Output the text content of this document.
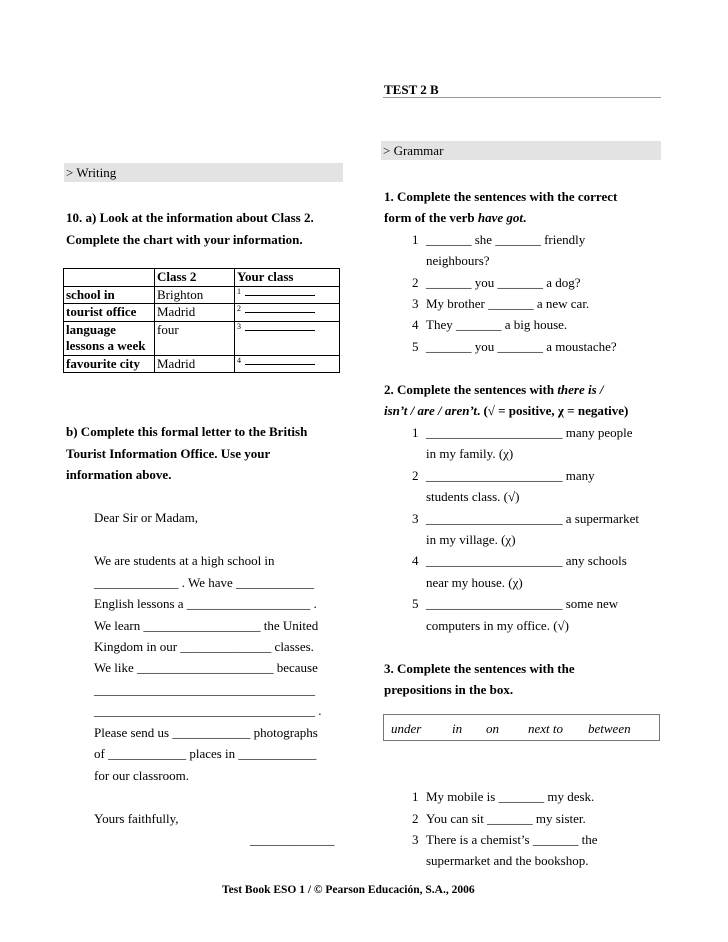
TEST 2 B
> Writing
10. a) Look at the information about Class 2.
Complete the chart with your information.
	Class 2	Your class
school in	Brighton	1

tourist office	Madrid	2

language lessons a week	four	3

favourite city	Madrid	4
b) Complete this formal letter to the British
Tourist Information Office. Use your
information above.
Dear Sir or Madam,
We are students at a high school in
_____________ . We have ____________
English lessons a ___________________ .
We learn __________________ the United
Kingdom in our ______________ classes.
We like _____________________ because
__________________________________
__________________________________ .
Please send us ____________ photographs
of ____________ places in ____________
for our classroom.
Yours faithfully,
_____________
> Grammar
1. Complete the sentences with the correct
form of the verb have got.
1 _______ she _______ friendly
neighbours?
2 _______ you _______ a dog?
3 My brother _______ a new car.
4 They _______ a big house.
5 _______ you _______ a moustache?
2. Complete the sentences with there is /
isn’t / are / aren’t. (√ = positive, χ = negative)
1 _____________________ many people
in my family. (χ)
2 _____________________ many
students class. (√)
3 _____________________ a supermarket
in my village. (χ)
4 _____________________ any schools
near my house. (χ)
5 _____________________ some new
computers in my office. (√)
3. Complete the sentences with the
prepositions in the box.
under in on next to between
1 My mobile is _______ my desk.
2 You can sit _______ my sister.
3 There is a chemist’s _______ the
supermarket and the bookshop.
Test Book ESO 1 / © Pearson Educación, S.A., 2006
